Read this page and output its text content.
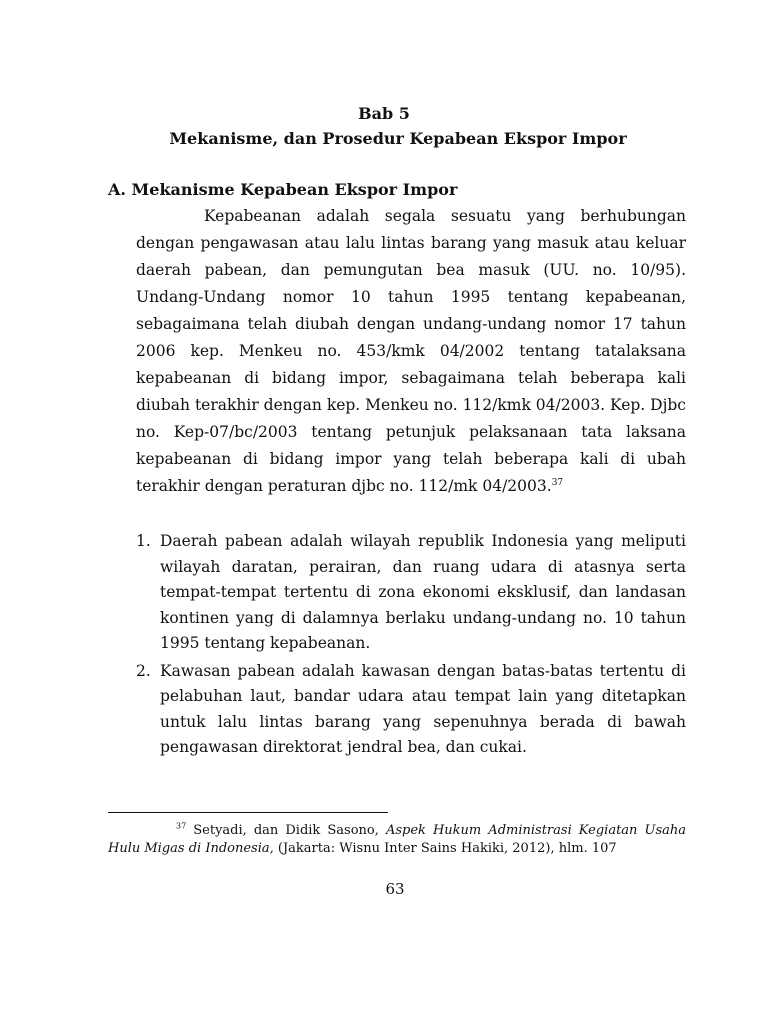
Bab 5
Mekanisme, dan Prosedur Kepabean Ekspor Impor
A. Mekanisme Kepabean Ekspor Impor

Kepabeanan adalah segala sesuatu yang berhubungan dengan pengawasan atau lalu lintas barang yang masuk atau keluar daerah pabean, dan pemungutan bea masuk (UU. no. 10/95). Undang-Undang nomor 10 tahun 1995 tentang kepabeanan, sebagaimana telah diubah dengan undang-undang nomor 17 tahun 2006 kep. Menkeu no. 453/kmk 04/2002 tentang tatalaksana kepabeanan di bidang impor, sebagaimana telah beberapa kali diubah terakhir dengan kep. Menkeu no. 112/kmk 04/2003. Kep. Djbc no. Kep-07/bc/2003 tentang petunjuk pelaksanaan tata laksana kepabeanan di bidang impor yang telah beberapa kali di ubah terakhir dengan peraturan djbc no. 112/mk 04/2003.37

1. Daerah pabean adalah wilayah republik Indonesia yang meliputi wilayah daratan, perairan, dan ruang udara di atasnya serta tempat-tempat tertentu di zona ekonomi eksklusif, dan landasan kontinen yang di dalamnya berlaku undang-undang no. 10 tahun 1995 tentang kepabeanan.
2. Kawasan pabean adalah kawasan dengan batas-batas tertentu di pelabuhan laut, bandar udara atau tempat lain yang ditetapkan untuk lalu lintas barang yang sepenuhnya berada di bawah pengawasan direktorat jendral bea, dan cukai.

$^{37}$ Setyadi, dan Didik Sasono, Aspek Hukum Administrasi Kegiatan Usaha Hulu Migas di Indonesia, (Jakarta: Wisnu Inter Sains Hakiki, 2012), hlm. 107

63
